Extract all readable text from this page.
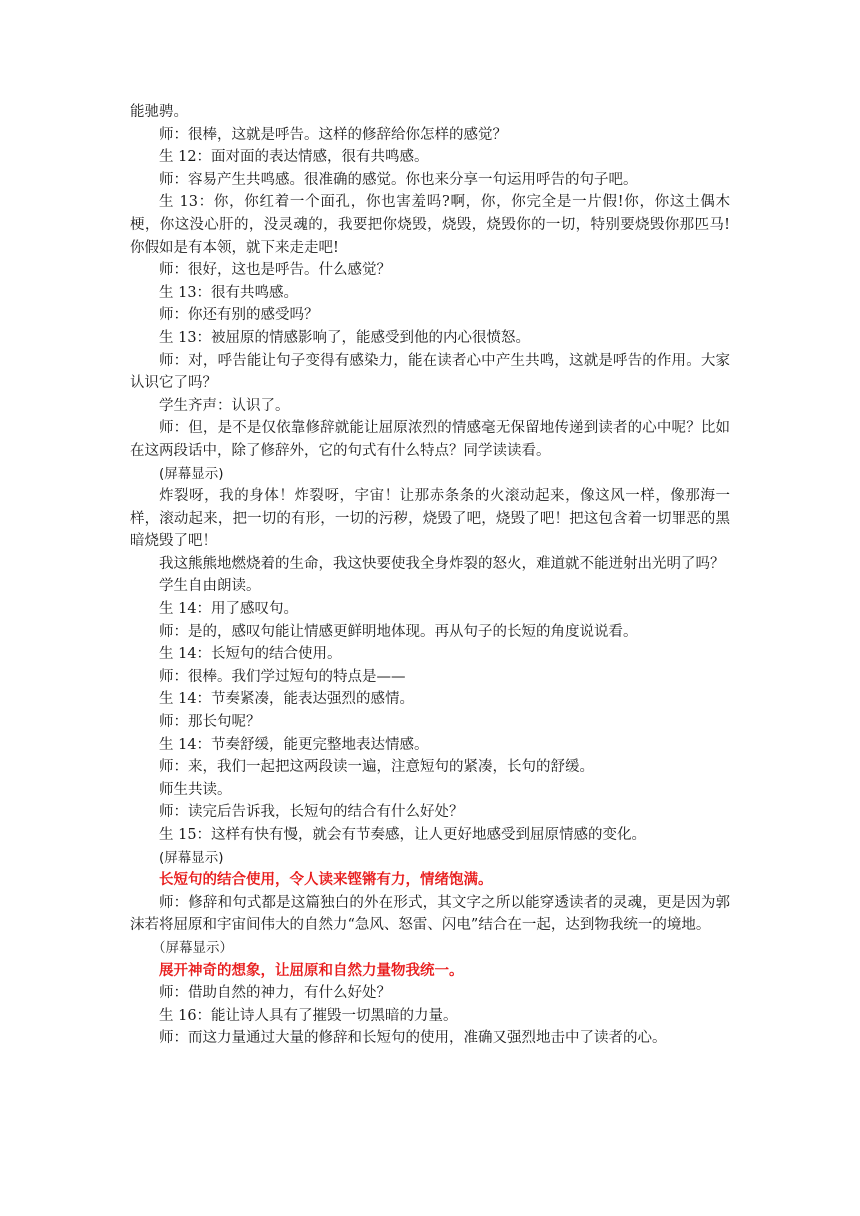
能驰骋。

师：很棒，这就是呼告。这样的修辞给你怎样的感觉？

生 12：面对面的表达情感，很有共鸣感。

师：容易产生共鸣感。很准确的感觉。你也来分享一句运用呼告的句子吧。

生 13：你，你红着一个面孔，你也害羞吗?啊，你，你完全是一片假!你，你这土偶木梗，你这没心肝的，没灵魂的，我要把你烧毁，烧毁，烧毁你的一切，特别要烧毁你那匹马!你假如是有本领，就下来走走吧!

师：很好，这也是呼告。什么感觉？

生 13：很有共鸣感。

师：你还有别的感受吗？

生 13：被屈原的情感影响了，能感受到他的内心很愤怒。

师：对，呼告能让句子变得有感染力，能在读者心中产生共鸣，这就是呼告的作用。大家认识它了吗？

学生齐声：认识了。

师：但，是不是仅依靠修辞就能让屈原浓烈的情感毫无保留地传递到读者的心中呢？比如在这两段话中，除了修辞外，它的句式有什么特点？同学读读看。

(屏幕显示)

炸裂呀，我的身体！炸裂呀，宇宙！让那赤条条的火滚动起来，像这风一样，像那海一样，滚动起来，把一切的有形，一切的污秽，烧毁了吧，烧毁了吧！把这包含着一切罪恶的黑暗烧毁了吧！

我这熊熊地燃烧着的生命，我这快要使我全身炸裂的怒火，难道就不能迸射出光明了吗？

学生自由朗读。

生 14：用了感叹句。

师：是的，感叹句能让情感更鲜明地体现。再从句子的长短的角度说说看。

生 14：长短句的结合使用。

师：很棒。我们学过短句的特点是——

生 14：节奏紧凑，能表达强烈的感情。

师：那长句呢？

生 14：节奏舒缓，能更完整地表达情感。

师：来，我们一起把这两段读一遍，注意短句的紧凑，长句的舒缓。

师生共读。

师：读完后告诉我，长短句的结合有什么好处？

生 15：这样有快有慢，就会有节奏感，让人更好地感受到屈原情感的变化。

(屏幕显示)

长短句的结合使用，令人读来铿锵有力，情绪饱满。

师：修辞和句式都是这篇独白的外在形式，其文字之所以能穿透读者的灵魂，更是因为郭沫若将屈原和宇宙间伟大的自然力“急风、怒雷、闪电”结合在一起，达到物我统一的境地。

（屏幕显示）

展开神奇的想象，让屈原和自然力量物我统一。

师：借助自然的神力，有什么好处？

生 16：能让诗人具有了摧毁一切黑暗的力量。

师：而这力量通过大量的修辞和长短句的使用，准确又强烈地击中了读者的心。
